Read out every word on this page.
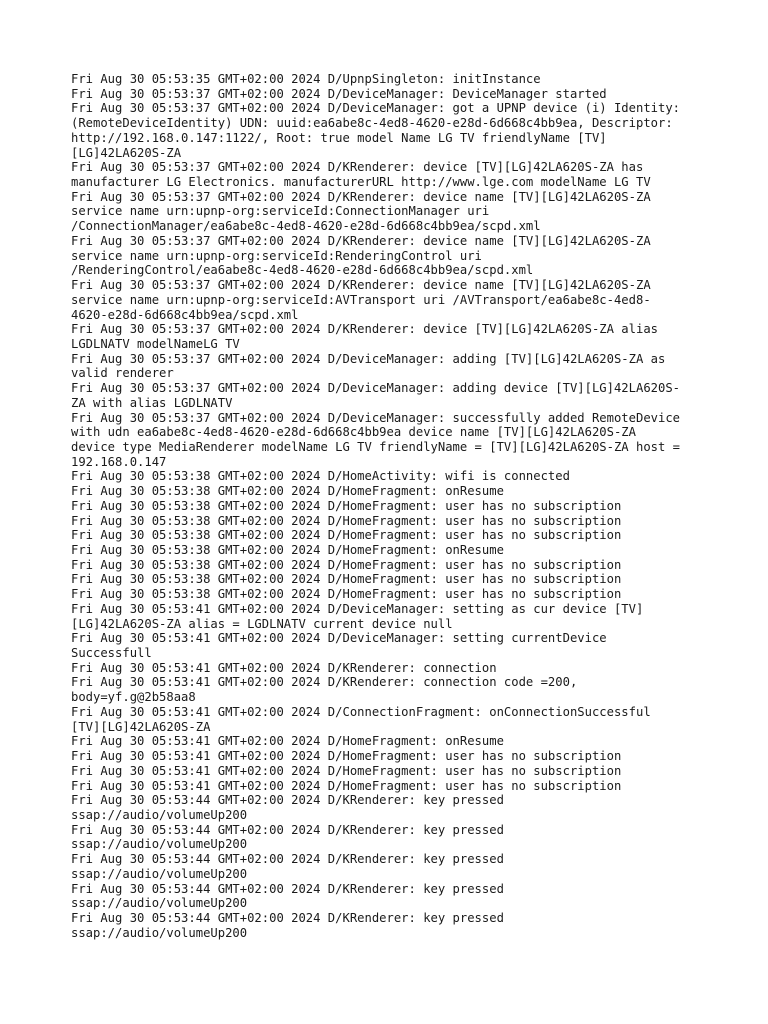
Fri Aug 30 05:53:35 GMT+02:00 2024 D/UpnpSingleton: initInstance

Fri Aug 30 05:53:37 GMT+02:00 2024 D/DeviceManager: DeviceManager started

Fri Aug 30 05:53:37 GMT+02:00 2024 D/DeviceManager: got a UPNP device (i) Identity:

(RemoteDeviceIdentity) UDN: uuid:ea6abe8c-4ed8-4620-e28d-6d668c4bb9ea, Descriptor:

http://192.168.0.147:1122/, Root: true model Name LG TV friendlyName [TV]

[LG]42LA620S-ZA

Fri Aug 30 05:53:37 GMT+02:00 2024 D/KRenderer: device [TV][LG]42LA620S-ZA has

manufacturer LG Electronics. manufacturerURL http://www.lge.com modelName LG TV

Fri Aug 30 05:53:37 GMT+02:00 2024 D/KRenderer: device name [TV][LG]42LA620S-ZA

service name urn:upnp-org:serviceId:ConnectionManager uri

/ConnectionManager/ea6abe8c-4ed8-4620-e28d-6d668c4bb9ea/scpd.xml

Fri Aug 30 05:53:37 GMT+02:00 2024 D/KRenderer: device name [TV][LG]42LA620S-ZA

service name urn:upnp-org:serviceId:RenderingControl uri

/RenderingControl/ea6abe8c-4ed8-4620-e28d-6d668c4bb9ea/scpd.xml

Fri Aug 30 05:53:37 GMT+02:00 2024 D/KRenderer: device name [TV][LG]42LA620S-ZA

service name urn:upnp-org:serviceId:AVTransport uri /AVTransport/ea6abe8c-4ed8-

4620-e28d-6d668c4bb9ea/scpd.xml

Fri Aug 30 05:53:37 GMT+02:00 2024 D/KRenderer: device [TV][LG]42LA620S-ZA alias

LGDLNATV modelNameLG TV

Fri Aug 30 05:53:37 GMT+02:00 2024 D/DeviceManager: adding [TV][LG]42LA620S-ZA as

valid renderer

Fri Aug 30 05:53:37 GMT+02:00 2024 D/DeviceManager: adding device [TV][LG]42LA620S-

ZA with alias LGDLNATV

Fri Aug 30 05:53:37 GMT+02:00 2024 D/DeviceManager: successfully added RemoteDevice

with udn ea6abe8c-4ed8-4620-e28d-6d668c4bb9ea device name [TV][LG]42LA620S-ZA

device type MediaRenderer modelName LG TV friendlyName = [TV][LG]42LA620S-ZA host =

192.168.0.147

Fri Aug 30 05:53:38 GMT+02:00 2024 D/HomeActivity: wifi is connected

Fri Aug 30 05:53:38 GMT+02:00 2024 D/HomeFragment: onResume

Fri Aug 30 05:53:38 GMT+02:00 2024 D/HomeFragment: user has no subscription

Fri Aug 30 05:53:38 GMT+02:00 2024 D/HomeFragment: user has no subscription

Fri Aug 30 05:53:38 GMT+02:00 2024 D/HomeFragment: user has no subscription

Fri Aug 30 05:53:38 GMT+02:00 2024 D/HomeFragment: onResume

Fri Aug 30 05:53:38 GMT+02:00 2024 D/HomeFragment: user has no subscription

Fri Aug 30 05:53:38 GMT+02:00 2024 D/HomeFragment: user has no subscription

Fri Aug 30 05:53:38 GMT+02:00 2024 D/HomeFragment: user has no subscription

Fri Aug 30 05:53:41 GMT+02:00 2024 D/DeviceManager: setting as cur device [TV]

[LG]42LA620S-ZA alias = LGDLNATV current device null

Fri Aug 30 05:53:41 GMT+02:00 2024 D/DeviceManager: setting currentDevice

Successfull

Fri Aug 30 05:53:41 GMT+02:00 2024 D/KRenderer: connection

Fri Aug 30 05:53:41 GMT+02:00 2024 D/KRenderer: connection code =200,

body=yf.g@2b58aa8

Fri Aug 30 05:53:41 GMT+02:00 2024 D/ConnectionFragment: onConnectionSuccessful

[TV][LG]42LA620S-ZA

Fri Aug 30 05:53:41 GMT+02:00 2024 D/HomeFragment: onResume

Fri Aug 30 05:53:41 GMT+02:00 2024 D/HomeFragment: user has no subscription

Fri Aug 30 05:53:41 GMT+02:00 2024 D/HomeFragment: user has no subscription

Fri Aug 30 05:53:41 GMT+02:00 2024 D/HomeFragment: user has no subscription

Fri Aug 30 05:53:44 GMT+02:00 2024 D/KRenderer: key pressed

ssap://audio/volumeUp200

Fri Aug 30 05:53:44 GMT+02:00 2024 D/KRenderer: key pressed

ssap://audio/volumeUp200

Fri Aug 30 05:53:44 GMT+02:00 2024 D/KRenderer: key pressed

ssap://audio/volumeUp200

Fri Aug 30 05:53:44 GMT+02:00 2024 D/KRenderer: key pressed

ssap://audio/volumeUp200

Fri Aug 30 05:53:44 GMT+02:00 2024 D/KRenderer: key pressed

ssap://audio/volumeUp200
